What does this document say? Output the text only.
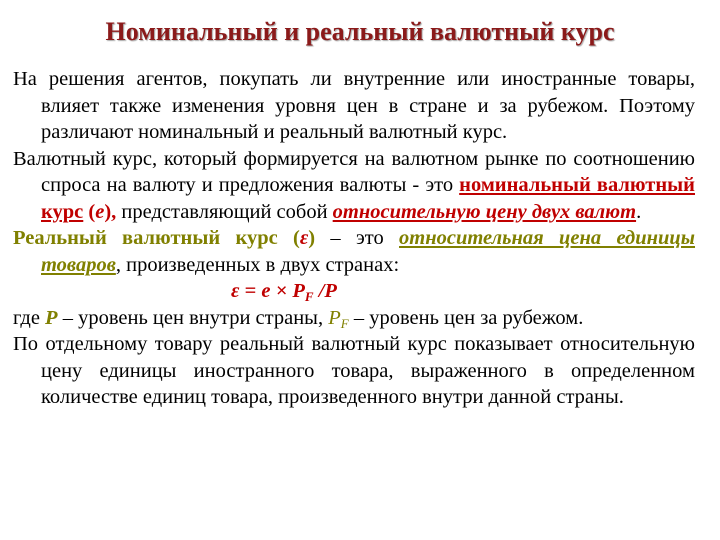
Номинальный и реальный валютный курс

На решения агентов, покупать ли внутренние или иностранные товары, влияет также изменения уровня цен в стране и за рубежом. Поэтому различают номинальный и реальный валютный курс.

Валютный курс, который формируется на валютном рынке по соотношению спроса на валюту и предложения валюты - это номинальный валютный курс (e), представляющий собой относительную цену двух валют.

Реальный валютный курс (ε) – это относительная цена единицы товаров, произведенных в двух странах:

$\varepsilon = e \times P_F$ /P

где P – уровень цен внутри страны, $P_F$ – уровень цен за рубежом.

По отдельному товару реальный валютный курс показывает относительную цену единицы иностранного товара, выраженного в определенном количестве единиц товара, произведенного внутри данной страны.
